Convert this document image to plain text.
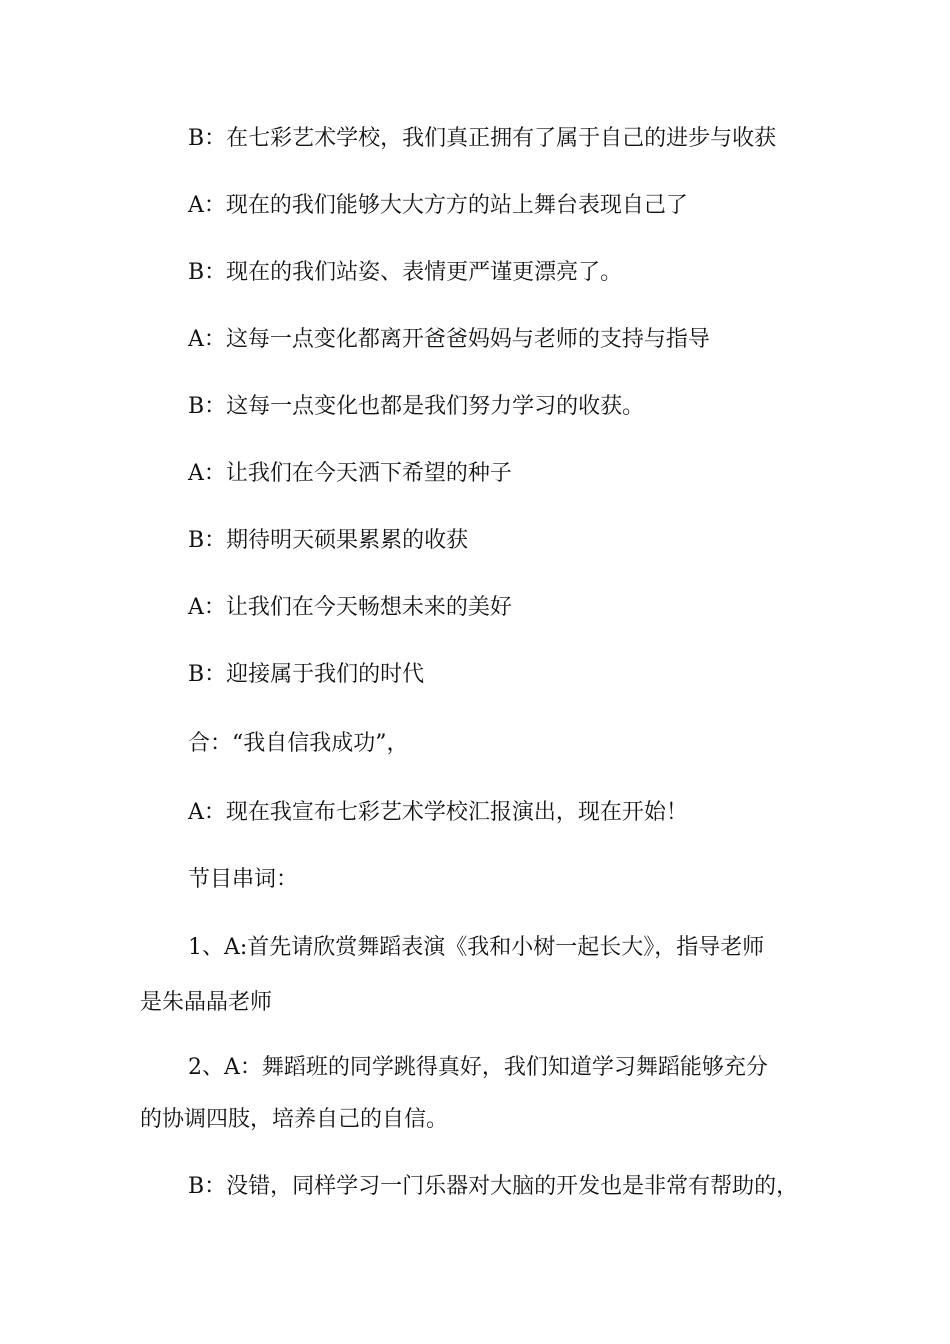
B：在七彩艺术学校，我们真正拥有了属于自己的进步与收获
A：现在的我们能够大大方方的站上舞台表现自己了
B：现在的我们站姿、表情更严谨更漂亮了。
A：这每一点变化都离开爸爸妈妈与老师的支持与指导
B：这每一点变化也都是我们努力学习的收获。
A：让我们在今天洒下希望的种子
B：期待明天硕果累累的收获
A：让我们在今天畅想未来的美好
B：迎接属于我们的时代
合：“我自信我成功”，
A：现在我宣布七彩艺术学校汇报演出，现在开始！
节目串词：
1、A:首先请欣赏舞蹈表演《我和小树一起长大》，指导老师
是朱晶晶老师
2、A：舞蹈班的同学跳得真好，我们知道学习舞蹈能够充分
的协调四肢，培养自己的自信。
B：没错，同样学习一门乐器对大脑的开发也是非常有帮助的，
